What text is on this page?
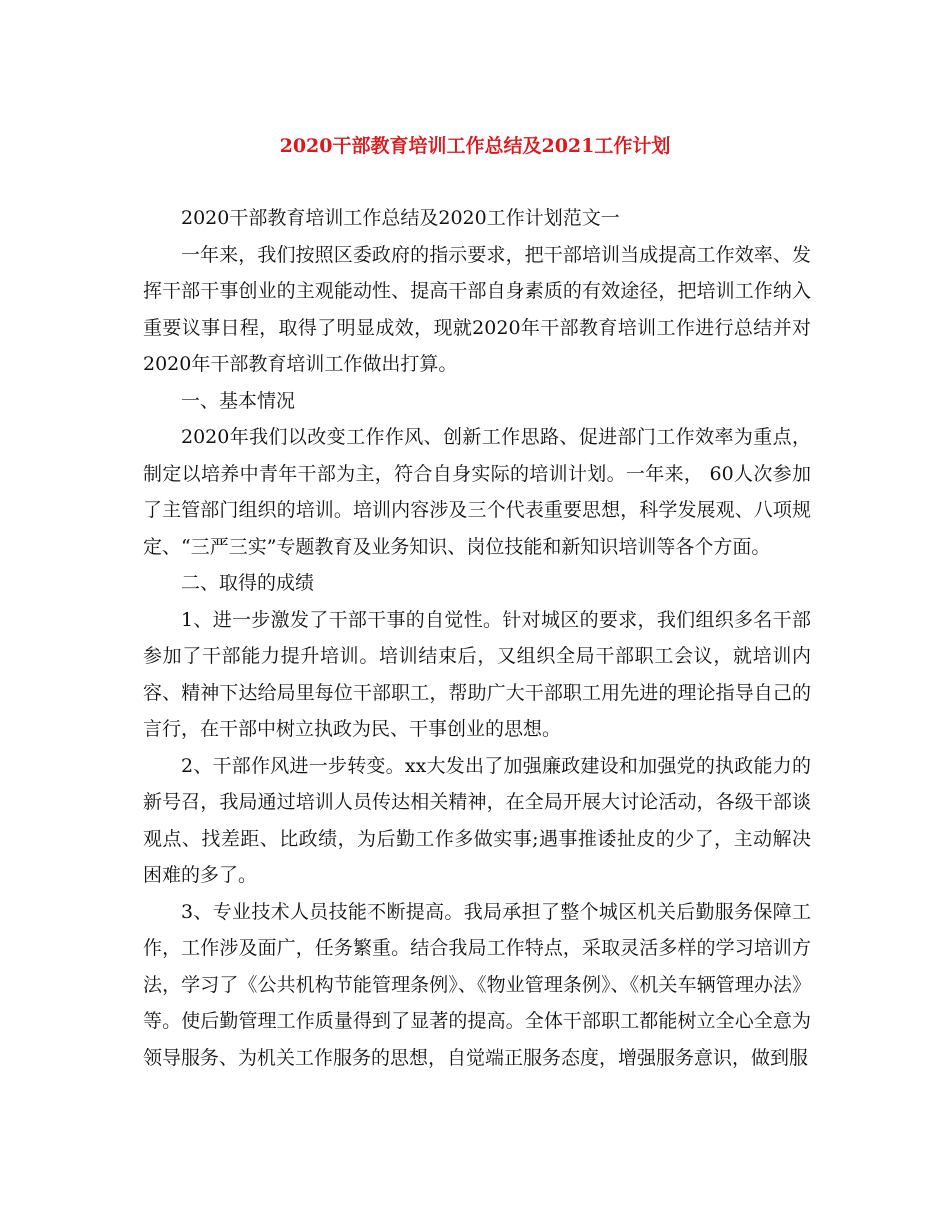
2020干部教育培训工作总结及2021工作计划

2020干部教育培训工作总结及2020工作计划范文一

一年来，我们按照区委政府的指示要求，把干部培训当成提高工作效率、发挥干部干事创业的主观能动性、提高干部自身素质的有效途径，把培训工作纳入重要议事日程，取得了明显成效，现就2020年干部教育培训工作进行总结并对2020年干部教育培训工作做出打算。

一、基本情况

2020年我们以改变工作作风、创新工作思路、促进部门工作效率为重点，制定以培养中青年干部为主，符合自身实际的培训计划。一年来， 60人次参加了主管部门组织的培训。培训内容涉及三个代表重要思想，科学发展观、八项规定、“三严三实”专题教育及业务知识、岗位技能和新知识培训等各个方面。

二、取得的成绩

1、进一步激发了干部干事的自觉性。针对城区的要求，我们组织多名干部参加了干部能力提升培训。培训结束后，又组织全局干部职工会议，就培训内容、精神下达给局里每位干部职工，帮助广大干部职工用先进的理论指导自己的言行，在干部中树立执政为民、干事创业的思想。

2、干部作风进一步转变。xx大发出了加强廉政建设和加强党的执政能力的新号召，我局通过培训人员传达相关精神，在全局开展大讨论活动，各级干部谈观点、找差距、比政绩，为后勤工作多做实事;遇事推诿扯皮的少了，主动解决困难的多了。

3、专业技术人员技能不断提高。我局承担了整个城区机关后勤服务保障工作，工作涉及面广，任务繁重。结合我局工作特点，采取灵活多样的学习培训方法，学习了《公共机构节能管理条例》、《物业管理条例》、《机关车辆管理办法》等。使后勤管理工作质量得到了显著的提高。全体干部职工都能树立全心全意为领导服务、为机关工作服务的思想，自觉端正服务态度，增强服务意识，做到服
